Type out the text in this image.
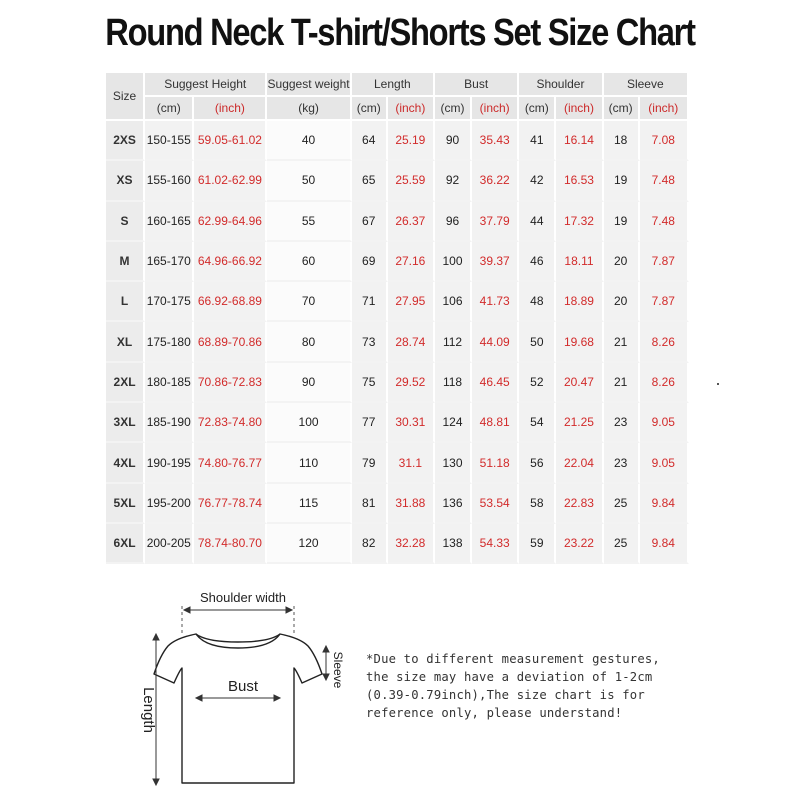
Round Neck T-shirt/Shorts Set Size Chart
Size	Suggest Height		Suggest weight	Length		Bust		Shoulder		Sleeve	
	(cm)	(inch)	(kg)	(cm)	(inch)	(cm)	(inch)	(cm)	(inch)	(cm)	(inch)
2XS	150-155	59.05-61.02	40	64	25.19	90	35.43	41	16.14	18	7.08
XS	155-160	61.02-62.99	50	65	25.59	92	36.22	42	16.53	19	7.48
S	160-165	62.99-64.96	55	67	26.37	96	37.79	44	17.32	19	7.48
M	165-170	64.96-66.92	60	69	27.16	100	39.37	46	18.11	20	7.87
L	170-175	66.92-68.89	70	71	27.95	106	41.73	48	18.89	20	7.87
XL	175-180	68.89-70.86	80	73	28.74	112	44.09	50	19.68	21	8.26
2XL	180-185	70.86-72.83	90	75	29.52	118	46.45	52	20.47	21	8.26
3XL	185-190	72.83-74.80	100	77	30.31	124	48.81	54	21.25	23	9.05
4XL	190-195	74.80-76.77	110	79	31.1	130	51.18	56	22.04	23	9.05
5XL	195-200	76.77-78.74	115	81	31.88	136	53.54	58	22.83	25	9.84
6XL	200-205	78.74-80.70	120	82	32.28	138	54.33	59	23.22	25	9.84
Shoulder width
Bust
Length
Sleeve *Due to different measurement gestures,
the size may have a deviation of 1-2cm
(0.39-0.79inch),The size chart is for
reference only, please understand!
